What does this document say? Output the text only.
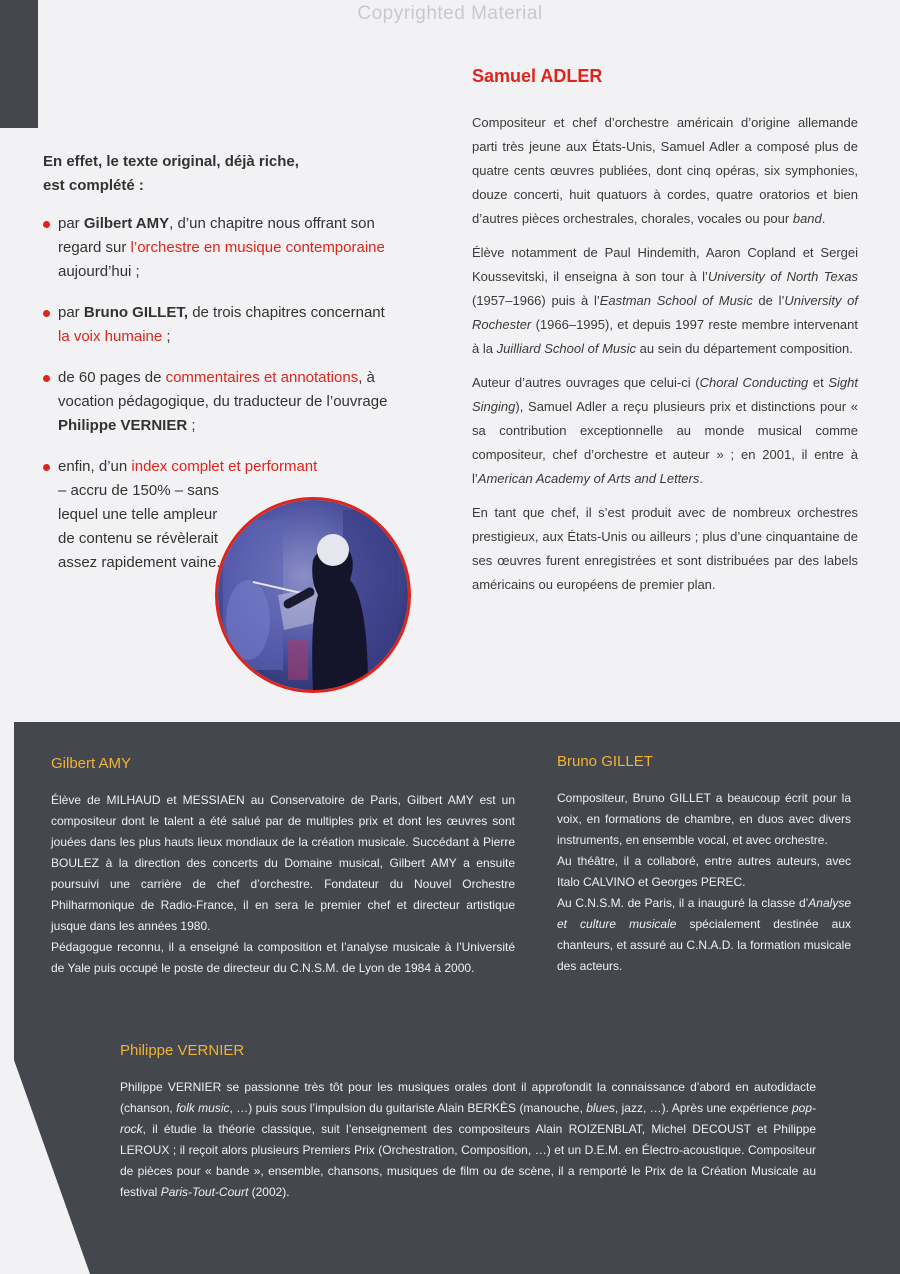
Copyrighted Material

En effet, le texte original, déjà riche,
est complété :

par Gilbert AMY, d’un chapitre nous offrant son regard sur l’orchestre en musique contemporaine aujourd’hui ;
par Bruno GILLET, de trois chapitres concernant la voix humaine ;
de 60 pages de commentaires et annotations, à vocation pédagogique, du traducteur de l’ouvrage Philippe VERNIER ;
enfin, d’un index complet et performant
– accru de 150% – sans lequel une telle ampleur de contenu se révèlerait assez rapidement vaine.
Samuel ADLER

Compositeur et chef d’orchestre américain d’origine allemande parti très jeune aux États-Unis, Samuel Adler a composé plus de quatre cents œuvres publiées, dont cinq opéras, six symphonies, douze concerti, huit quatuors à cordes, quatre oratorios et bien d’autres pièces orchestrales, chorales, vocales ou pour band.

Élève notamment de Paul Hindemith, Aaron Copland et Sergei Koussevitski, il enseigna à son tour à l’University of North Texas (1957–1966) puis à l’Eastman School of Music de l’University of Rochester (1966–1995), et depuis 1997 reste membre intervenant à la Juilliard School of Music au sein du département composition.

Auteur d’autres ouvrages que celui-ci (Choral Conducting et Sight Singing), Samuel Adler a reçu plusieurs prix et distinctions pour « sa contribution exceptionnelle au monde musical comme compositeur, chef d’orchestre et auteur » ; en 2001, il entre à l’American Academy of Arts and Letters.

En tant que chef, il s’est produit avec de nombreux orchestres prestigieux, aux États-Unis ou ailleurs ; plus d’une cinquantaine de ses œuvres furent enregistrées et sont distribuées par des labels américains ou européens de premier plan.

Gilbert AMY

Élève de MILHAUD et MESSIAEN au Conservatoire de Paris, Gilbert AMY est un compositeur dont le talent a été salué par de multiples prix et dont les œuvres sont jouées dans les plus hauts lieux mondiaux de la création musicale. Succédant à Pierre BOULEZ à la direction des concerts du Domaine musical, Gilbert AMY a ensuite poursuivi une carrière de chef d’orchestre. Fondateur du Nouvel Orchestre Philharmonique de Radio-France, il en sera le premier chef et directeur artistique jusque dans les années 1980.

Pédagogue reconnu, il a enseigné la composition et l’analyse musicale à l’Université de Yale puis occupé le poste de directeur du C.N.S.M. de Lyon de 1984 à 2000.

Bruno GILLET

Compositeur, Bruno GILLET a beaucoup écrit pour la voix, en formations de chambre, en duos avec divers instruments, en ensemble vocal, et avec orchestre.

Au théâtre, il a collaboré, entre autres auteurs, avec Italo CALVINO et Georges PEREC.

Au C.N.S.M. de Paris, il a inauguré la classe d’Analyse et culture musicale spécialement destinée aux chanteurs, et assuré au C.N.A.D. la formation musicale des acteurs.

Philippe VERNIER

Philippe VERNIER se passionne très tôt pour les musiques orales dont il approfondit la connaissance d’abord en autodidacte (chanson, folk music, …) puis sous l’impulsion du guitariste Alain BERKÈS (manouche, blues, jazz, …). Après une expérience pop-rock, il étudie la théorie classique, suit l’enseignement des compositeurs Alain ROIZENBLAT, Michel DECOUST et Philippe LEROUX ; il reçoit alors plusieurs Premiers Prix (Orchestration, Composition, …) et un D.E.M. en Électro-acoustique. Compositeur de pièces pour « bande », ensemble, chansons, musiques de film ou de scène, il a remporté le Prix de la Création Musicale au festival Paris-Tout-Court (2002).
